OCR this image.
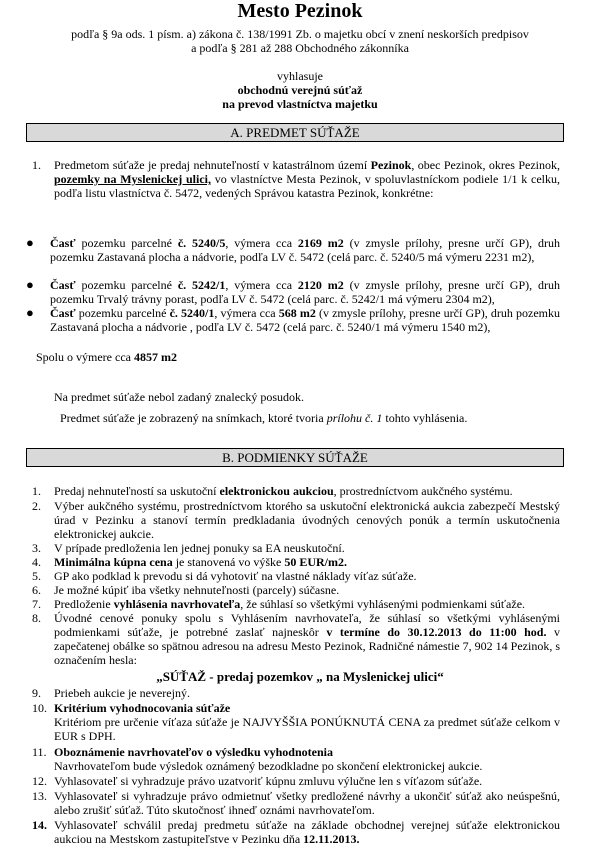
Mesto Pezinok
podľa § 9a ods. 1 písm. a) zákona č. 138/1991 Zb. o majetku obcí v znení neskorších predpisov
a podľa § 281 až 288 Obchodného zákonníka
vyhlasuje
obchodnú verejnú súťaž
na prevod vlastníctva majetku
A. PREDMET SÚŤAŽE
1. Predmetom súťaže je predaj nehnuteľností v katastrálnom území Pezinok, obec Pezinok, okres Pezinok, pozemky na Myslenickej ulici, vo vlastníctve Mesta Pezinok, v spoluvlastníckom podiele 1/1 k celku, podľa listu vlastníctva č. 5472, vedených Správou katastra Pezinok, konkrétne:
● Časť pozemku parcelné č. 5240/5, výmera cca 2169 m2 (v zmysle prílohy, presne určí GP), druh pozemku Zastavaná plocha a nádvorie, podľa LV č. 5472 (celá parc. č. 5240/5 má výmeru 2231 m2),
● Časť pozemku parcelné č. 5242/1, výmera cca 2120 m2 (v zmysle prílohy, presne určí GP), druh pozemku Trvalý trávny porast, podľa LV č. 5472 (celá parc. č. 5242/1 má výmeru 2304 m2),
● Časť pozemku parcelné č. 5240/1, výmera cca 568 m2 (v zmysle prílohy, presne určí GP), druh pozemku Zastavaná plocha a nádvorie , podľa LV č. 5472 (celá parc. č. 5240/1 má výmeru 1540 m2),
Spolu o výmere cca 4857 m2
Na predmet súťaže nebol zadaný znalecký posudok.
Predmet súťaže je zobrazený na snímkach, ktoré tvoria prílohu č. 1 tohto vyhlásenia.
B. PODMIENKY SÚŤAŽE
1. Predaj nehnuteľností sa uskutoční elektronickou aukciou, prostredníctvom aukčného systému.
2. Výber aukčného systému, prostredníctvom ktorého sa uskutoční elektronická aukcia zabezpečí Mestský úrad v Pezinku a stanoví termín predkladania úvodných cenových ponúk a termín uskutočnenia elektronickej aukcie.
3. V prípade predloženia len jednej ponuky sa EA neuskutoční.
4. Minimálna kúpna cena je stanovená vo výške 50 EUR/m2.
5. GP ako podklad k prevodu si dá vyhotoviť na vlastné náklady víťaz súťaže.
6. Je možné kúpiť iba všetky nehnuteľnosti (parcely) súčasne.
7. Predloženie vyhlásenia navrhovateľa, že súhlasí so všetkými vyhlásenými podmienkami súťaže.
8. Úvodné cenové ponuky spolu s Vyhlásením navrhovateľa, že súhlasí so všetkými vyhlásenými podmienkami súťaže, je potrebné zaslať najneskôr v termíne do 30.12.2013 do 11:00 hod. v zapečatenej obálke so spätnou adresou na adresu Mesto Pezinok, Radničné námestie 7, 902 14 Pezinok, s označením hesla:
„SÚŤAŽ - predaj pozemkov „ na Myslenickej ulici“
9. Priebeh aukcie je neverejný.
10. Kritérium vyhodnocovania súťaže
Kritériom pre určenie víťaza súťaže je NAJVYŠŠIA PONÚKNUTÁ CENA za predmet súťaže celkom v EUR s DPH.
11. Oboznámenie navrhovateľov o výsledku vyhodnotenia
Navrhovateľom bude výsledok oznámený bezodkladne po skončení elektronickej aukcie.
12. Vyhlasovateľ si vyhradzuje právo uzatvoriť kúpnu zmluvu výlučne len s víťazom súťaže.
13. Vyhlasovateľ si vyhradzuje právo odmietnuť všetky predložené návrhy a ukončiť súťaž ako neúspešnú, alebo zrušiť súťaž. Túto skutočnosť ihneď oznámi navrhovateľom.
14. Vyhlasovateľ schválil predaj predmetu súťaže na základe obchodnej verejnej súťaže elektronickou aukciou na Mestskom zastupiteľstve v Pezinku dňa 12.11.2013.
